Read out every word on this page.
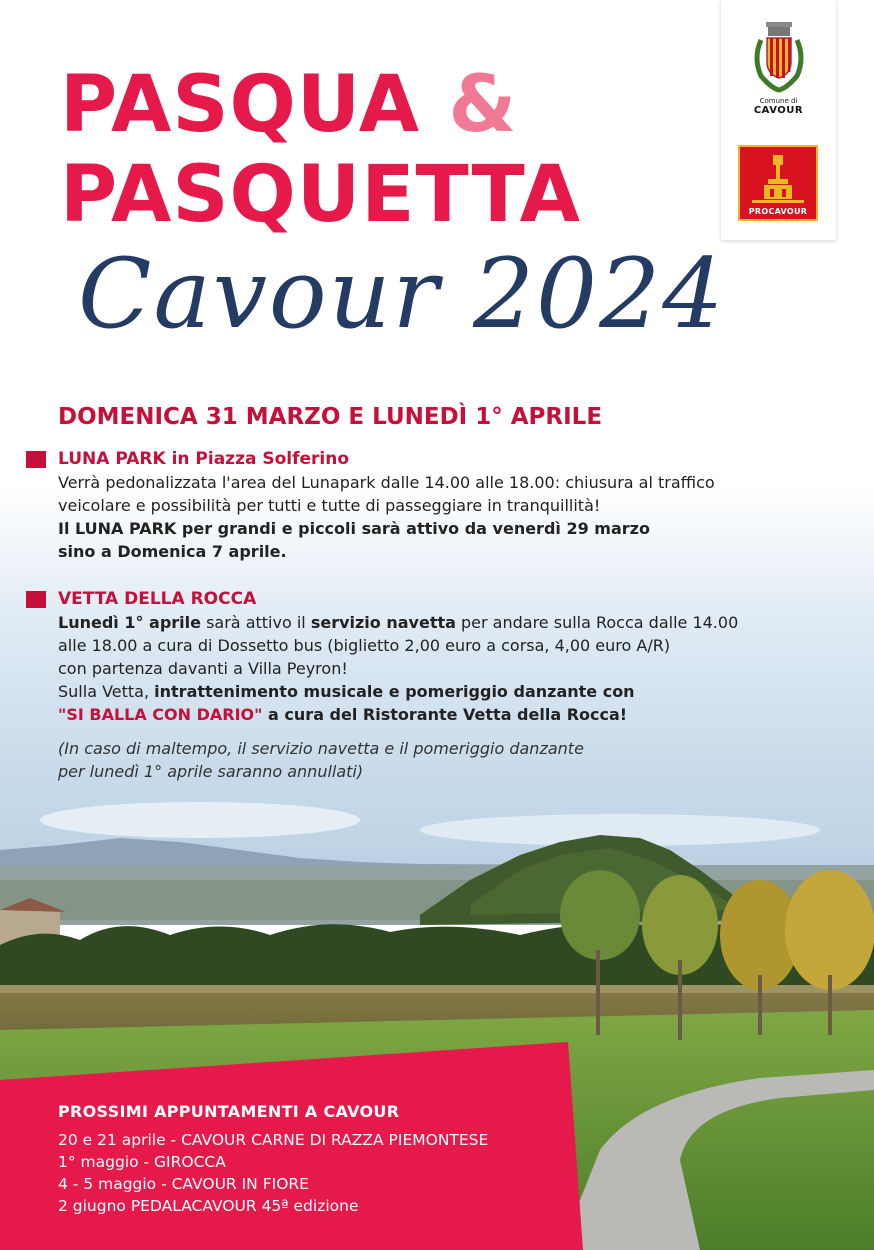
Comune di
CAVOUR
PROCAVOUR
PASQUA &
PASQUETTA
Cavour 2024
DOMENICA 31 MARZO E LUNEDÌ 1° APRILE
LUNA PARK in Piazza Solferino
Verrà pedonalizzata l'area del Lunapark dalle 14.00 alle 18.00: chiusura al traffico
veicolare e possibilità per tutti e tutte di passeggiare in tranquillità!
Il LUNA PARK per grandi e piccoli sarà attivo da venerdì 29 marzo
sino a Domenica 7 aprile.
VETTA DELLA ROCCA
Lunedì 1° aprile sarà attivo il servizio navetta per andare sulla Rocca dalle 14.00
alle 18.00 a cura di Dossetto bus (biglietto 2,00 euro a corsa, 4,00 euro A/R)
con partenza davanti a Villa Peyron!
Sulla Vetta, intrattenimento musicale e pomeriggio danzante con
"SI BALLA CON DARIO" a cura del Ristorante Vetta della Rocca!
(In caso di maltempo, il servizio navetta e il pomeriggio danzante
per lunedì 1° aprile saranno annullati)
PROSSIMI APPUNTAMENTI A CAVOUR
20 e 21 aprile - CAVOUR CARNE DI RAZZA PIEMONTESE
1° maggio - GIROCCA
4 - 5 maggio - CAVOUR IN FIORE
2 giugno PEDALACAVOUR 45ª edizione
